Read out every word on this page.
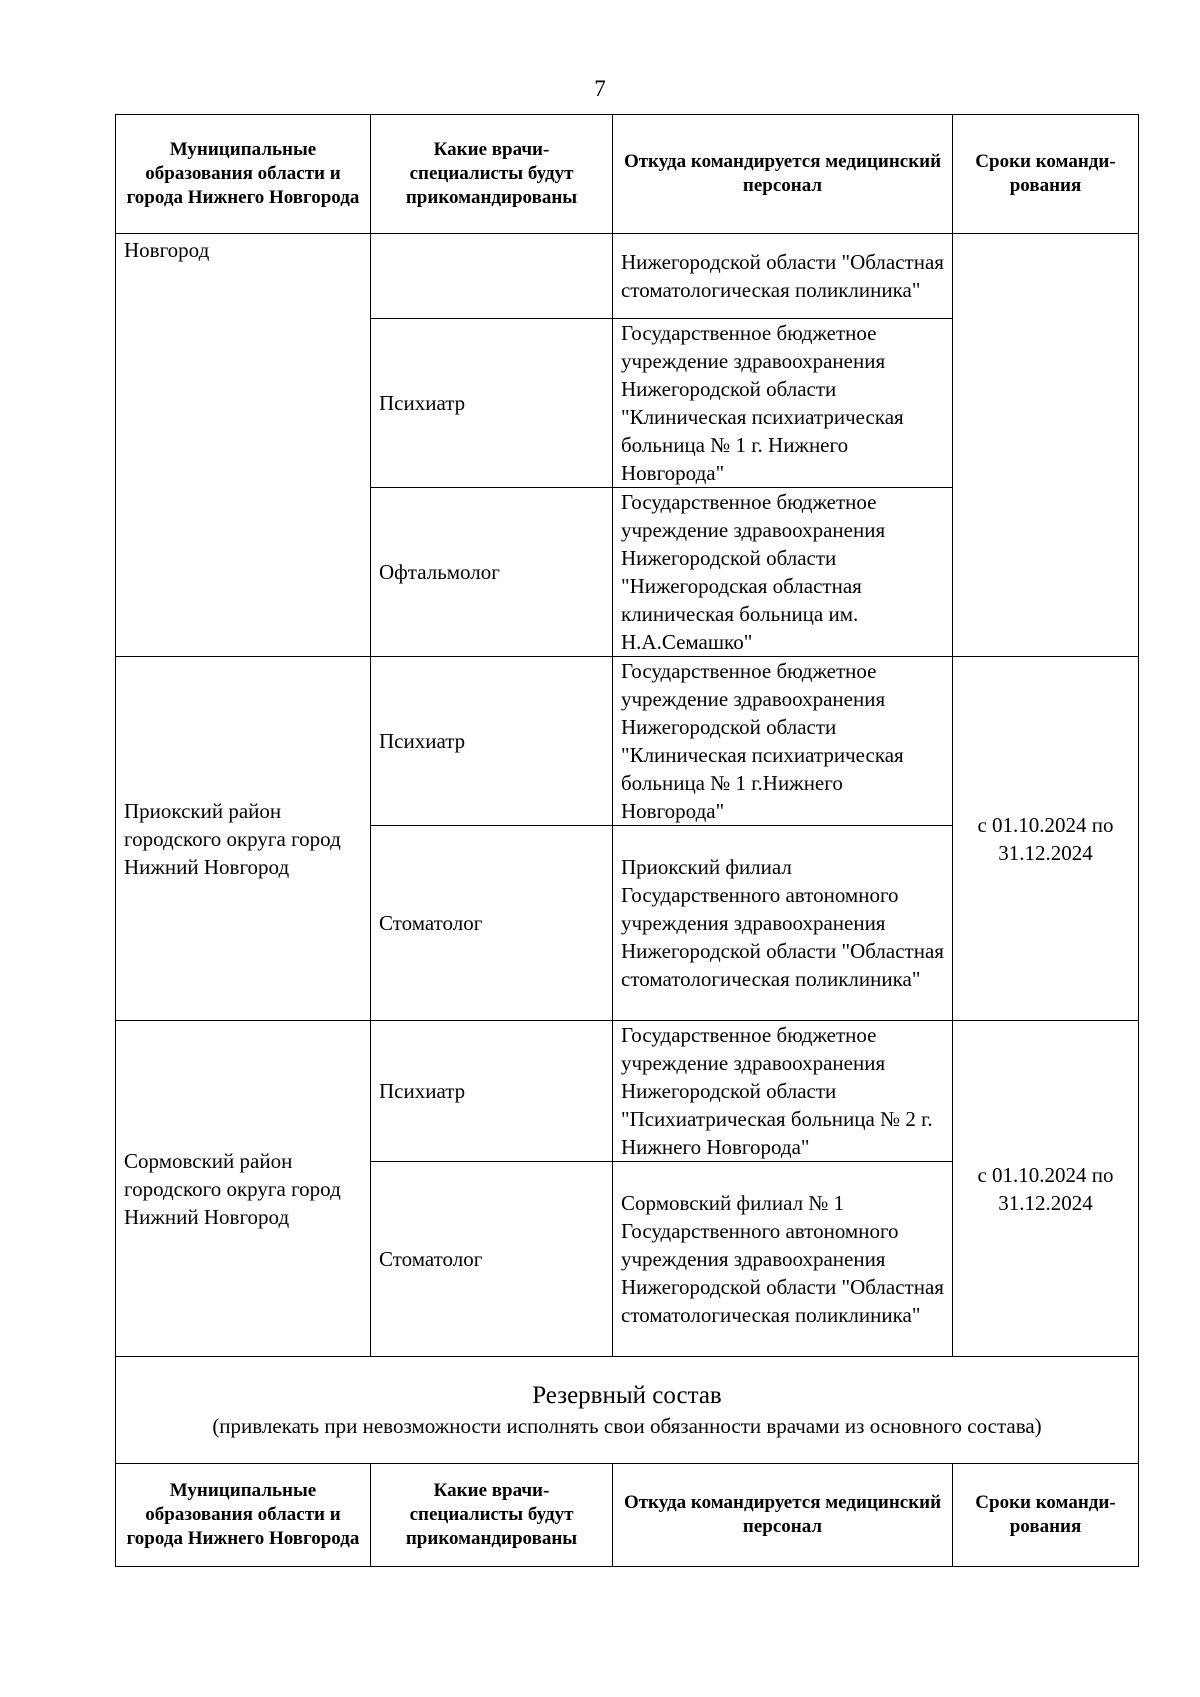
7
Муниципальные образования области и города Нижнего Новгорода	Какие врачи-специалисты будут прикомандированы	Откуда командируется медицинский персонал	Сроки команди-рования
Новгород		Нижегородской области "Областная стоматологическая поликлиника"	
	Психиатр	Государственное бюджетное учреждение здравоохранения Нижегородской области "Клиническая психиатрическая больница № 1 г. Нижнего Новгорода"	
	Офтальмолог	Государственное бюджетное учреждение здравоохранения Нижегородской области "Нижегородская областная клиническая больница им. Н.А.Семашко"	
Приокский район городского округа город Нижний Новгород	Психиатр	Государственное бюджетное учреждение здравоохранения Нижегородской области "Клиническая психиатрическая больница № 1 г.Нижнего Новгорода"	с 01.10.2024 по 31.12.2024
	Стоматолог	Приокский филиал Государственного автономного учреждения здравоохранения Нижегородской области "Областная стоматологическая поликлиника"	
Сормовский район городского округа город Нижний Новгород	Психиатр	Государственное бюджетное учреждение здравоохранения Нижегородской области "Психиатрическая больница № 2 г. Нижнего Новгорода"	с 01.10.2024 по 31.12.2024
	Стоматолог	Сормовский филиал № 1 Государственного автономного учреждения здравоохранения Нижегородской области "Областная стоматологическая поликлиника"	

Резервный состав
(привлекать при невозможности исполнять свои обязанности врачами из основного состава)			

Муниципальные образования области и города Нижнего Новгорода	Какие врачи-специалисты будут прикомандированы	Откуда командируется медицинский персонал	Сроки команди-рования
